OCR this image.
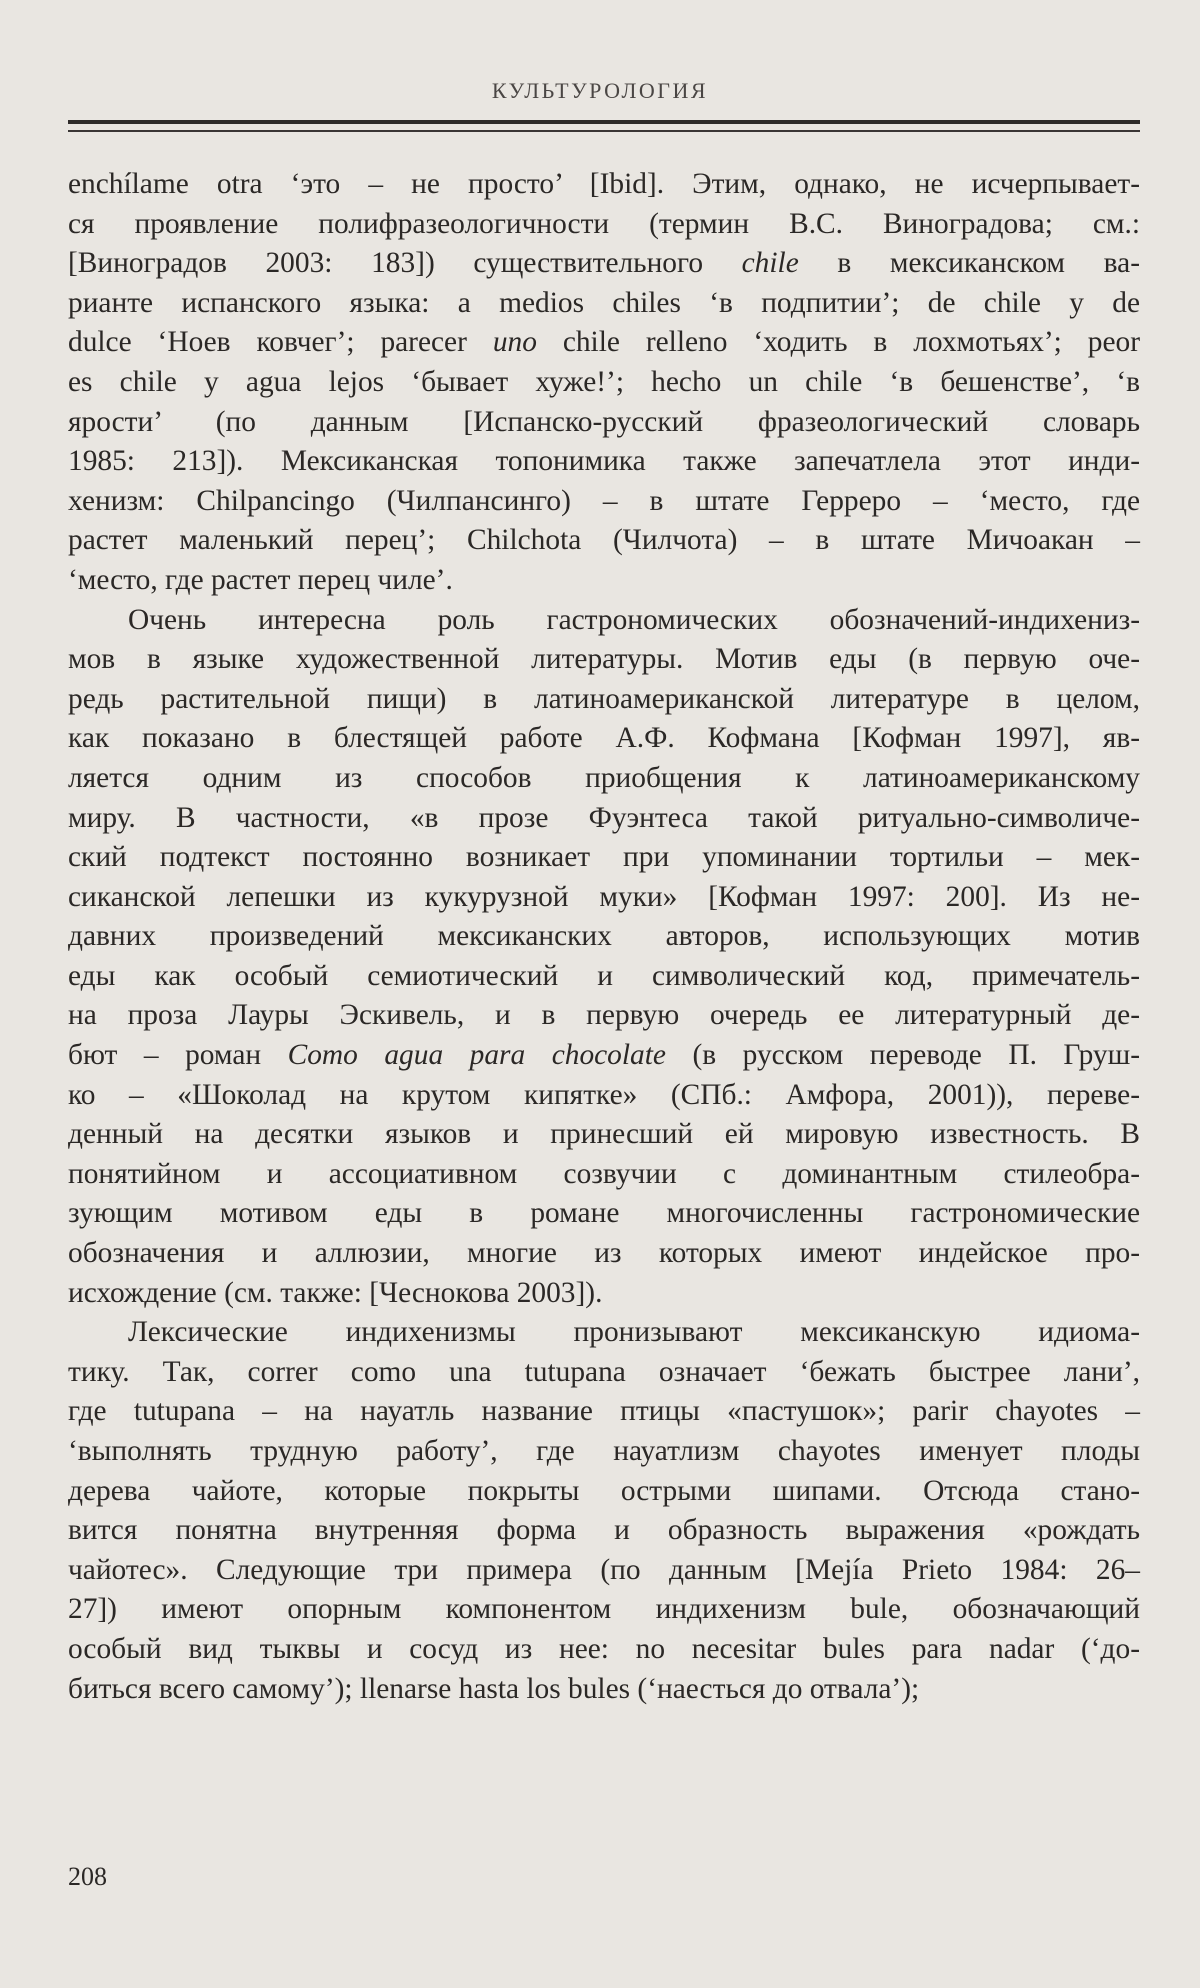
КУЛЬТУРОЛОГИЯ
enchílame otra ‘это – не просто’ [Ibid]. Этим, однако, не исчерпывает-
ся проявление полифразеологичности (термин В.С. Виноградова; см.:
[Виноградов 2003: 183]) существительного chile в мексиканском ва-
рианте испанского языка: a medios chiles ‘в подпитии’; de chile y de
dulce ‘Ноев ковчег’; parecer uno chile relleno ‘ходить в лохмотьях’; peor
es chile y agua lejos ‘бывает хуже!’; hecho un chile ‘в бешенстве’, ‘в
ярости’ (по данным [Испанско-русский фразеологический словарь
1985: 213]). Мексиканская топонимика также запечатлела этот инди-
хенизм: Chilpancingo (Чилпансинго) – в штате Герреро – ‘место, где
растет маленький перец’; Chilchota (Чилчота) – в штате Мичоакан –
‘место, где растет перец чиле’.
Очень интересна роль гастрономических обозначений-индихениз-
мов в языке художественной литературы. Мотив еды (в первую оче-
редь растительной пищи) в латиноамериканской литературе в целом,
как показано в блестящей работе А.Ф. Кофмана [Кофман 1997], яв-
ляется одним из способов приобщения к латиноамериканскому
миру. В частности, «в прозе Фуэнтеса такой ритуально-символиче-
ский подтекст постоянно возникает при упоминании тортильи – мек-
сиканской лепешки из кукурузной муки» [Кофман 1997: 200]. Из не-
давних произведений мексиканских авторов, использующих мотив
еды как особый семиотический и символический код, примечатель-
на проза Лауры Эскивель, и в первую очередь ее литературный де-
бют – роман Como agua para chocolate (в русском переводе П. Груш-
ко – «Шоколад на крутом кипятке» (СПб.: Амфора, 2001)), переве-
денный на десятки языков и принесший ей мировую известность. В
понятийном и ассоциативном созвучии с доминантным стилеобра-
зующим мотивом еды в романе многочисленны гастрономические
обозначения и аллюзии, многие из которых имеют индейское про-
исхождение (см. также: [Чеснокова 2003]).
Лексические индихенизмы пронизывают мексиканскую идиома-
тику. Так, correr como una tutupana означает ‘бежать быстрее лани’,
где tutupana – на науатль название птицы «пастушок»; parir chayotes –
‘выполнять трудную работу’, где науатлизм chayotes именует плоды
дерева чайоте, которые покрыты острыми шипами. Отсюда стано-
вится понятна внутренняя форма и образность выражения «рождать
чайотес». Следующие три примера (по данным [Mejía Prieto 1984: 26–
27]) имеют опорным компонентом индихенизм bule, обозначающий
особый вид тыквы и сосуд из нее: no necesitar bules para nadar (‘до-
биться всего самому’); llenarse hasta los bules (‘наесться до отвала’);
208
